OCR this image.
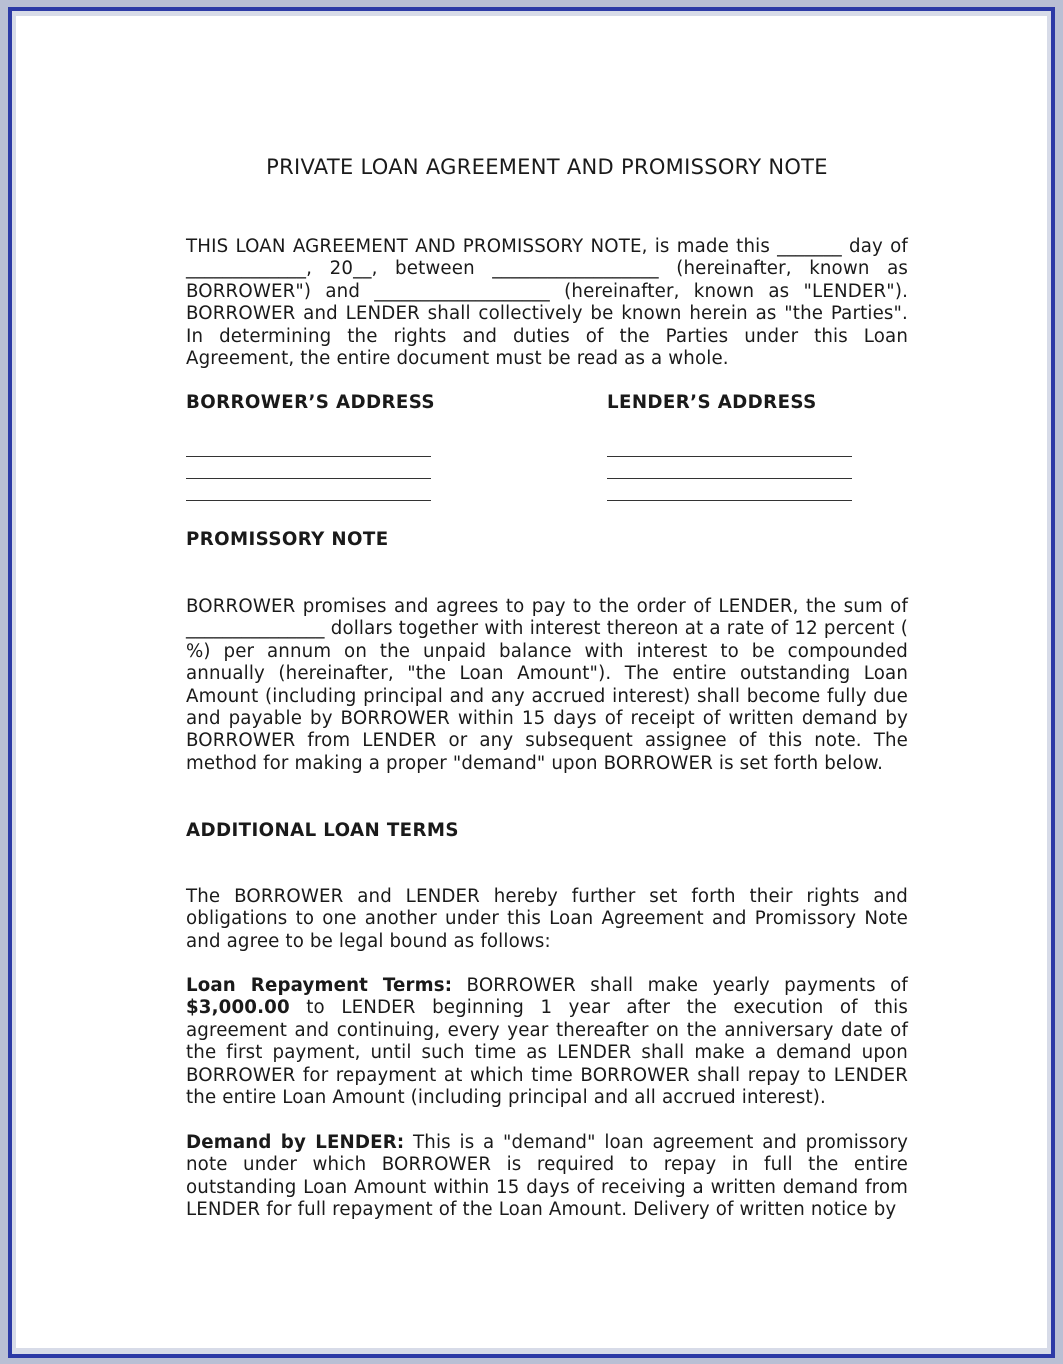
PRIVATE LOAN AGREEMENT AND PROMISSORY NOTE

THIS LOAN AGREEMENT AND PROMISSORY NOTE, is made this _______ day of _____________, 20__, between __________________ (hereinafter, known as BORROWER") and ___________________ (hereinafter, known as "LENDER"). BORROWER and LENDER shall collectively be known herein as "the Parties". In determining the rights and duties of the Parties under this Loan Agreement, the entire document must be read as a whole.

BORROWER’S ADDRESS	LENDER’S ADDRESS
PROMISSORY NOTE

BORROWER promises and agrees to pay to the order of LENDER, the sum of _______________ dollars together with interest thereon at a rate of 12 percent ( %) per annum on the unpaid balance with interest to be compounded annually (hereinafter, "the Loan Amount"). The entire outstanding Loan Amount (including principal and any accrued interest) shall become fully due and payable by BORROWER within 15 days of receipt of written demand by BORROWER from LENDER or any subsequent assignee of this note. The method for making a proper "demand" upon BORROWER is set forth below.

ADDITIONAL LOAN TERMS

The BORROWER and LENDER hereby further set forth their rights and obligations to one another under this Loan Agreement and Promissory Note and agree to be legal bound as follows:

Loan Repayment Terms: BORROWER shall make yearly payments of $3,000.00 to LENDER beginning 1 year after the execution of this agreement and continuing, every year thereafter on the anniversary date of the first payment, until such time as LENDER shall make a demand upon BORROWER for repayment at which time BORROWER shall repay to LENDER the entire Loan Amount (including principal and all accrued interest).

Demand by LENDER: This is a "demand" loan agreement and promissory note under which BORROWER is required to repay in full the entire outstanding Loan Amount within 15 days of receiving a written demand from LENDER for full repayment of the Loan Amount. Delivery of written notice by
